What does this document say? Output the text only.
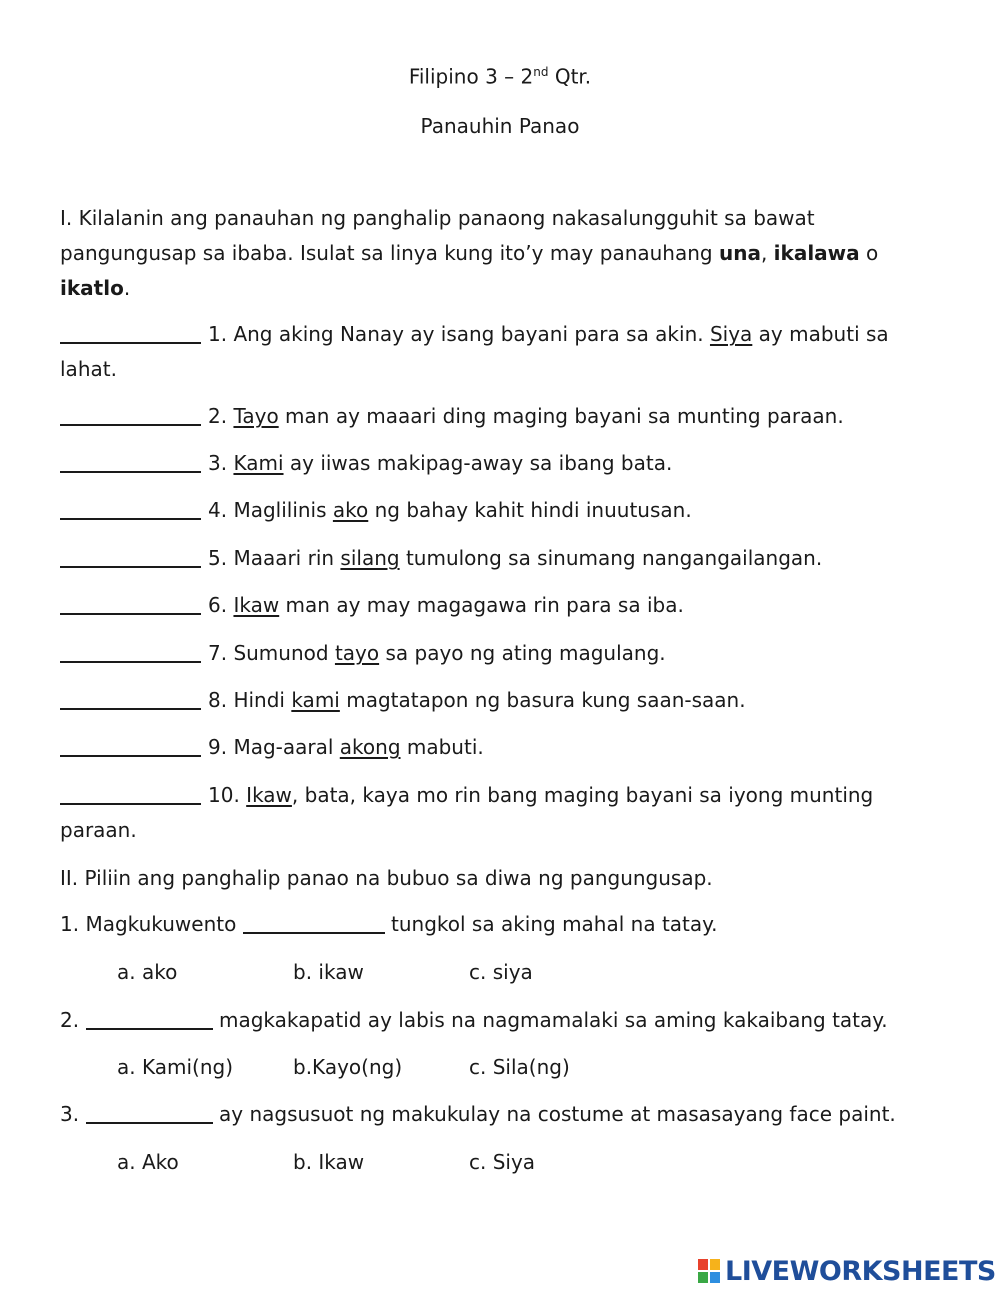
Filipino 3 – 2nd Qtr.
Panauhin Panao
I. Kilalanin ang panauhan ng panghalip panaong nakasalungguhit sa bawat
pangungusap sa ibaba. Isulat sa linya kung ito’y may panauhang una, ikalawa o
ikatlo.
1. Ang aking Nanay ay isang bayani para sa akin. Siya ay mabuti sa
lahat.
2. Tayo man ay maaari ding maging bayani sa munting paraan.
3. Kami ay iiwas makipag-away sa ibang bata.
4. Maglilinis ako ng bahay kahit hindi inuutusan.
5. Maaari rin silang tumulong sa sinumang nangangailangan.
6. Ikaw man ay may magagawa rin para sa iba.
7. Sumunod tayo sa payo ng ating magulang.
8. Hindi kami magtatapon ng basura kung saan-saan.
9. Mag-aaral akong mabuti.
10. Ikaw, bata, kaya mo rin bang maging bayani sa iyong munting
paraan.
II. Piliin ang panghalip panao na bubuo sa diwa ng pangungusap.
1. Magkukuwento	tungkol sa aking mahal na tatay.
a. ako	b. ikaw	c. siya
2.	magkakapatid ay labis na nagmamalaki sa aming kakaibang tatay.
a. Kami(ng)	b.Kayo(ng)	c. Sila(ng)
3.	ay nagsusuot ng makukulay na costume at masasayang face paint.
a. Ako	b. Ikaw	c. Siya
LIVEWORKSHEETS
